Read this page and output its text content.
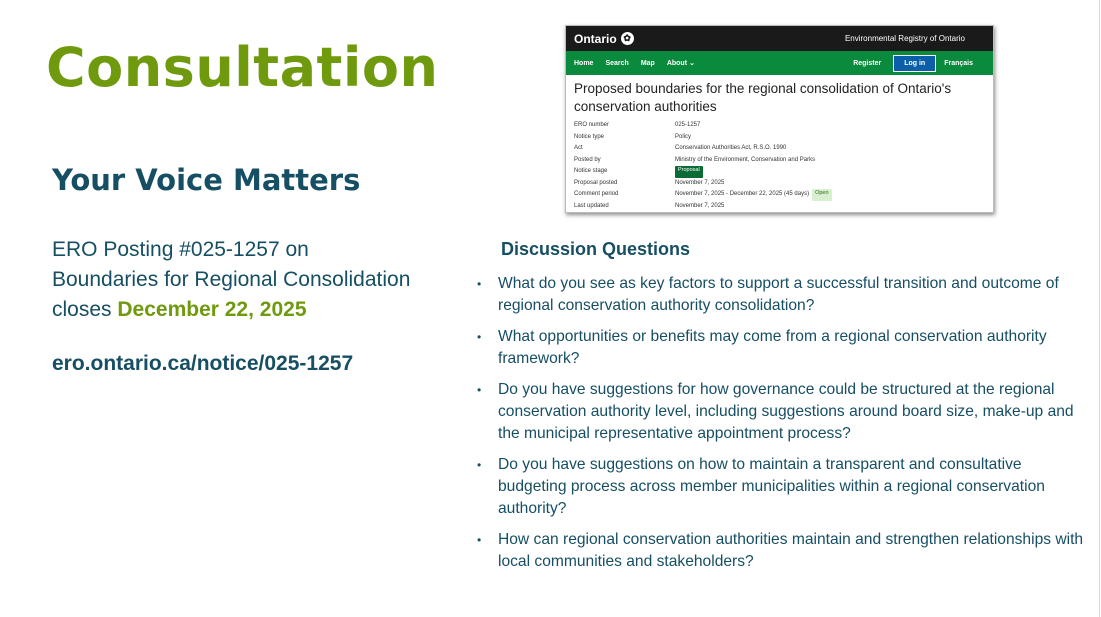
Consultation
Your Voice Matters
ERO Posting #025-1257 on
Boundaries for Regional Consolidation
closes December 22, 2025
ero.ontario.ca/notice/025-1257
Ontario ✿	Environmental Registry of Ontario
Home Search Map About ⌄	Register	Log in	Français
Proposed boundaries for the regional consolidation of Ontario's conservation authorities
ERO number	025-1257
Notice type	Policy
Act	Conservation Authorities Act, R.S.O. 1990
Posted by	Ministry of the Environment, Conservation and Parks
Notice stage	Proposal
Proposal posted	November 7, 2025
Comment period	November 7, 2025 - December 22, 2025 (45 days)	Open
Last updated	November 7, 2025
Discussion Questions
• What do you see as key factors to support a successful transition and outcome of regional conservation authority consolidation?
• What opportunities or benefits may come from a regional conservation authority framework?
• Do you have suggestions for how governance could be structured at the regional conservation authority level, including suggestions around board size, make-up and the municipal representative appointment process?
• Do you have suggestions on how to maintain a transparent and consultative budgeting process across member municipalities within a regional conservation authority?
• How can regional conservation authorities maintain and strengthen relationships with local communities and stakeholders?
